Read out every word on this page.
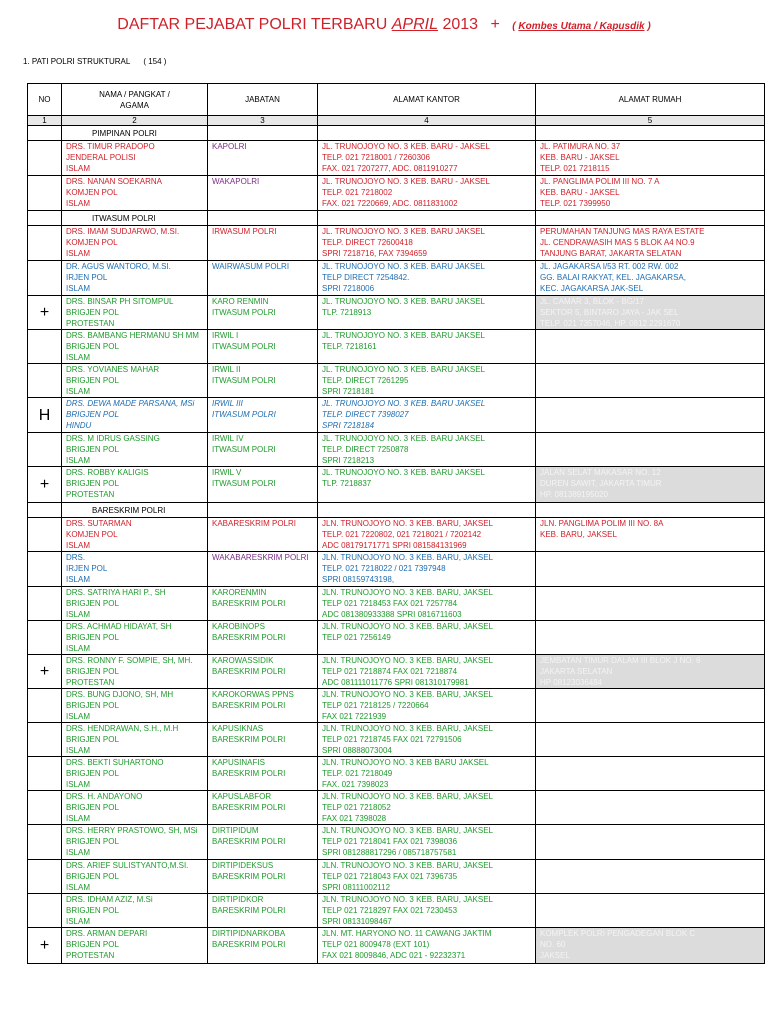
DAFTAR PEJABAT POLRI TERBARU APRIL 2013 + ( Kombes Utama / Kapusdik )
1. PATI POLRI STRUKTURAL      ( 154 )
NO	NAMA / PANGKAT /
AGAMA	JABATAN	ALAMAT KANTOR	ALAMAT RUMAH
1	2	3	4	5
	PIMPINAN POLRI			

	DRS. TIMUR PRADOPO
JENDERAL POLISI
ISLAM	KAPOLRI	JL. TRUNOJOYO NO. 3 KEB. BARU - JAKSEL
TELP. 021 7218001 / 7260306
FAX. 021 7207277, ADC. 0811910277	JL. PATIMURA NO. 37
KEB. BARU - JAKSEL
TELP. 021 7218115

	DRS. NANAN SOEKARNA
KOMJEN POL
ISLAM	WAKAPOLRI	JL. TRUNOJOYO NO. 3 KEB. BARU - JAKSEL
TELP. 021 7218002
FAX. 021 7220669, ADC. 0811831002	JL. PANGLIMA POLIM III NO. 7 A
KEB. BARU - JAKSEL
TELP. 021 7399950

	ITWASUM POLRI			

	DRS. IMAM SUDJARWO, M.SI.
KOMJEN POL
ISLAM	IRWASUM POLRI	JL. TRUNOJOYO NO. 3 KEB. BARU JAKSEL
TELP. DIRECT 72600418
SPRI 7218716, FAX 7394659	PERUMAHAN TANJUNG MAS RAYA ESTATE
JL. CENDRAWASIH MAS 5 BLOK A4 NO.9
TANJUNG BARAT, JAKARTA SELATAN

	DR. AGUS WANTORO, M.SI.
IRJEN POL
ISLAM	WAIRWASUM POLRI	JL. TRUNOJOYO NO. 3 KEB. BARU JAKSEL
TELP DIRECT 7254842.
SPRI 7218006	JL. JAGAKARSA I/53 RT. 002 RW. 002
GG. BALAI RAKYAT, KEL. JAGAKARSA,
KEC. JAGAKARSA JAK-SEL

+	DRS. BINSAR PH SITOMPUL
BRIGJEN POL
PROTESTAN	KARO RENMIN
ITWASUM POLRI	JL. TRUNOJOYO NO. 3 KEB. BARU JAKSEL
TLP. 7218913	JL. CAMAR 3, BLOK - BG/17
SEKTOR 5, BINTARO JAYA - JAK SEL
TELP. 021 7357046, HP. 0812 2291670

	DRS. BAMBANG HERMANU SH MM
BRIGJEN POL
ISLAM	IRWIL I
ITWASUM POLRI	JL. TRUNOJOYO NO. 3 KEB. BARU JAKSEL
TELP. 7218161	

	DRS. YOVIANES MAHAR
BRIGJEN POL
ISLAM	IRWIL II
ITWASUM POLRI	JL. TRUNOJOYO NO. 3 KEB. BARU JAKSEL
TELP. DIRECT 7261295
SPRI 7218181	

H	DRS. DEWA MADE PARSANA, MSi
BRIGJEN POL
HINDU	IRWIL III
ITWASUM POLRI	JL. TRUNOJOYO NO. 3 KEB. BARU JAKSEL
TELP. DIRECT 7398027
SPRI 7218184	

	DRS. M IDRUS GASSING
BRIGJEN POL
ISLAM	IRWIL IV
ITWASUM POLRI	JL. TRUNOJOYO NO. 3 KEB. BARU JAKSEL
TELP. DIRECT 7250878
SPRI 7218213	

+	DRS. ROBBY KALIGIS
BRIGJEN POL
PROTESTAN	IRWIL V
ITWASUM POLRI	JL. TRUNOJOYO NO. 3 KEB. BARU JAKSEL
TLP. 7218837	JALAN SELAT MAKASAR NO. 12
DUREN SAWIT, JAKARTA TIMUR
HP. 081389195020

	BARESKRIM POLRI			

	DRS. SUTARMAN
KOMJEN POL
ISLAM	KABARESKRIM POLRI	JLN. TRUNOJOYO NO. 3 KEB. BARU, JAKSEL
TELP. 021 7220802, 021 7218021 / 7202142
ADC 08179171771 SPRI 081584131969	JLN. PANGLIMA POLIM III NO. 8A
KEB. BARU, JAKSEL

	DRS.
IRJEN POL
ISLAM	WAKABARESKRIM POLRI	JLN. TRUNOJOYO NO. 3 KEB. BARU, JAKSEL
TELP. 021 7218022 / 021 7397948
SPRI 08159743198,	

	DRS. SATRIYA HARI P., SH
BRIGJEN POL
ISLAM	KARORENMIN
BARESKRIM POLRI	JLN. TRUNOJOYO NO. 3 KEB. BARU, JAKSEL
TELP 021 7218453 FAX 021 7257784
ADC 081380933388 SPRI 0816711603	

	DRS. ACHMAD HIDAYAT, SH
BRIGJEN POL
ISLAM	KAROBINOPS
BARESKRIM POLRI	JLN. TRUNOJOYO NO. 3 KEB. BARU, JAKSEL
TELP 021 7256149	

+	DRS. RONNY F. SOMPIE, SH, MH.
BRIGJEN POL
PROTESTAN	KAROWASSIDIK
BARESKRIM POLRI	JLN. TRUNOJOYO NO. 3 KEB. BARU, JAKSEL
TELP 021 7218874 FAX 021 7218874
ADC 081111011776 SPRI 081310179981	JEMBATAN TIMUR DALAM III BLOK J NO. 6
JAKARTA SELATAN
HP 08123036484

	DRS. BUNG DJONO, SH, MH
BRIGJEN POL
ISLAM	KAROKORWAS PPNS
BARESKRIM POLRI	JLN. TRUNOJOYO NO. 3 KEB. BARU, JAKSEL
TELP 021 7218125 / 7220664
FAX 021 7221939	

	DRS. HENDRAWAN, S.H., M.H
BRIGJEN POL
ISLAM	KAPUSIKNAS
BARESKRIM POLRI	JLN. TRUNOJOYO NO. 3 KEB. BARU, JAKSEL
TELP 021 7218745 FAX 021 72791506
SPRI 08888073004	

	DRS. BEKTI SUHARTONO
BRIGJEN POL
ISLAM	KAPUSINAFIS
BARESKRIM POLRI	JLN. TRUNOJOYO NO. 3 KEB BARU JAKSEL
TELP. 021 7218049
FAX. 021 7398023	

	DRS. H. ANDAYONO
BRIGJEN POL
ISLAM	KAPUSLABFOR
BARESKRIM POLRI	JLN. TRUNOJOYO NO. 3 KEB. BARU, JAKSEL
TELP 021 7218052
FAX 021 7398028	

	DRS. HERRY PRASTOWO, SH, MSi
BRIGJEN POL
ISLAM	DIRTIPIDUM
BARESKRIM POLRI	JLN. TRUNOJOYO NO. 3 KEB. BARU, JAKSEL
TELP 021 7218041 FAX 021 7398036
SPRI 081288817296 / 085718757581	

	DRS. ARIEF SULISTYANTO,M.SI.
BRIGJEN POL
ISLAM	DIRTIPIDEKSUS
BARESKRIM POLRI	JLN. TRUNOJOYO NO. 3 KEB. BARU, JAKSEL
TELP 021 7218043 FAX 021 7396735
SPRI 08111002112	

	DRS. IDHAM AZIZ, M.Si
BRIGJEN POL
ISLAM	DIRTIPIDKOR
BARESKRIM POLRI	JLN. TRUNOJOYO NO. 3 KEB. BARU, JAKSEL
TELP 021 7218297 FAX 021 7230453
SPRI 08131098467	

+	DRS. ARMAN DEPARI
BRIGJEN POL
PROTESTAN	DIRTIPIDNARKOBA
BARESKRIM POLRI	JLN. MT. HARYONO NO. 11 CAWANG JAKTIM
TELP 021 8009478 (EXT 101)
FAX 021 8009846, ADC 021 - 92232371	KOMPLEK POLRI PENGADEGAN BLOK C
NO. 60
JAKSEL
